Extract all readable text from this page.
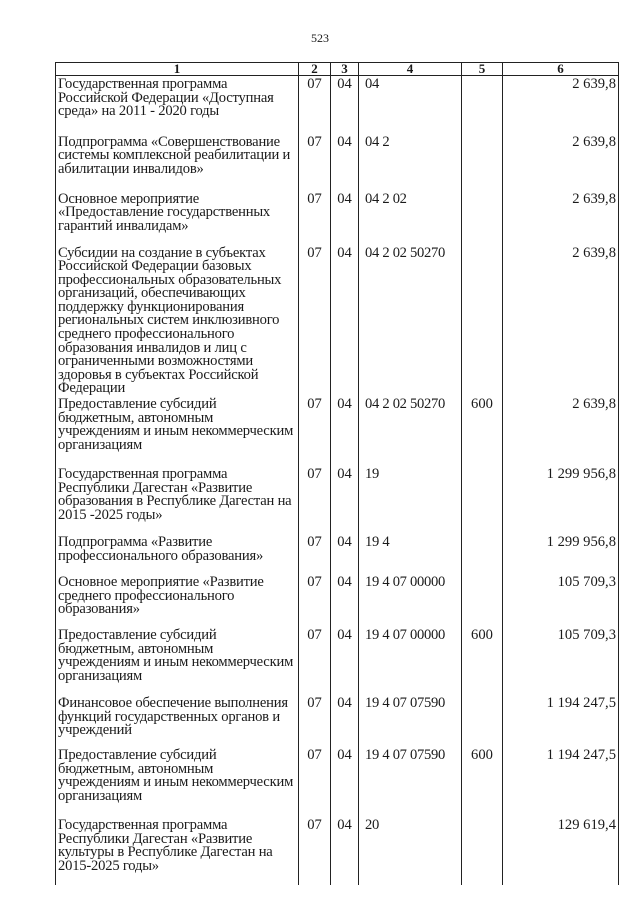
523
1	2	3	4	5	6
Государственная программа Российской Федерации «Доступная среда» на 2011 - 2020 годы	07	04	04		2 639,8
Подпрограмма «Совершенствование системы комплексной реабилитации и абилитации инвалидов»	07	04	04 2		2 639,8
Основное мероприятие «Предоставление государственных гарантий инвалидам»	07	04	04 2 02		2 639,8
Субсидии на создание в субъектах Российской Федерации базовых профессиональных образовательных организаций, обеспечивающих поддержку функционирования региональных систем инклюзивного среднего профессионального образования инвалидов и лиц с ограниченными возможностями здоровья в субъектах Российской Федерации	07	04	04 2 02 50270		2 639,8
Предоставление субсидий бюджетным, автономным учреждениям и иным некоммерческим организациям	07	04	04 2 02 50270	600	2 639,8
Государственная программа Республики Дагестан «Развитие образования в Республике Дагестан на 2015 -2025 годы»	07	04	19		1 299 956,8
Подпрограмма «Развитие профессионального образования»	07	04	19 4		1 299 956,8
Основное мероприятие «Развитие среднего профессионального образования»	07	04	19 4 07 00000		105 709,3
Предоставление субсидий бюджетным, автономным учреждениям и иным некоммерческим организациям	07	04	19 4 07 00000	600	105 709,3
Финансовое обеспечение выполнения функций государственных органов и учреждений	07	04	19 4 07 07590		1 194 247,5
Предоставление субсидий бюджетным, автономным учреждениям и иным некоммерческим организациям	07	04	19 4 07 07590	600	1 194 247,5
Государственная программа Республики Дагестан «Развитие культуры в Республике Дагестан на 2015-2025 годы»	07	04	20		129 619,4
